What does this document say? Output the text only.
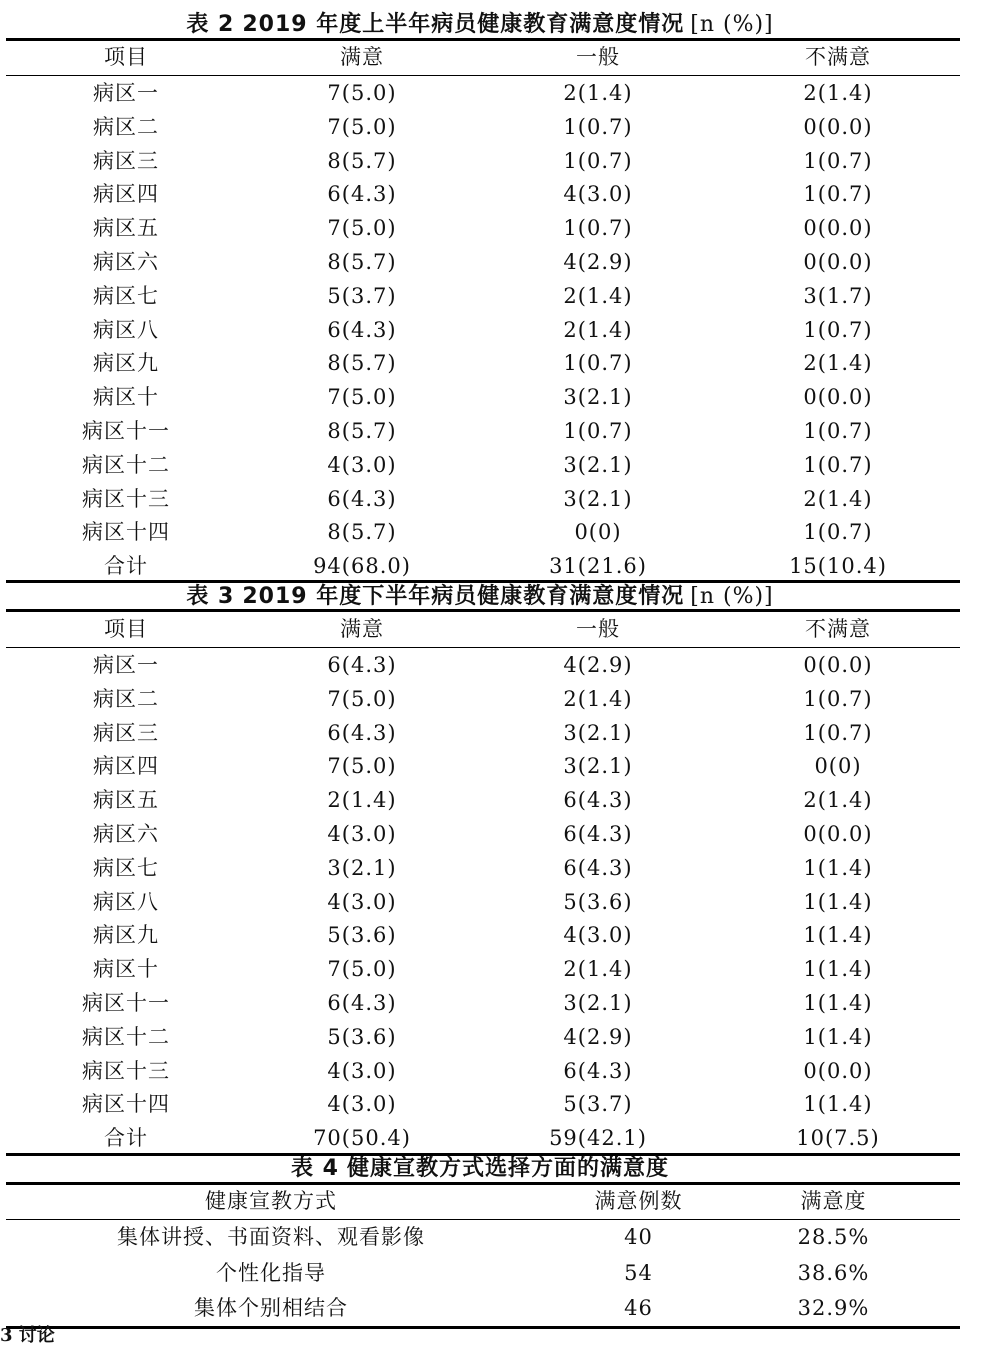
表 2 2019 年度上半年病员健康教育满意度情况 [n (%)]
项目	满意	一般	不满意
病区一	7(5.0)	2(1.4)	2(1.4)
病区二	7(5.0)	1(0.7)	0(0.0)
病区三	8(5.7)	1(0.7)	1(0.7)
病区四	6(4.3)	4(3.0)	1(0.7)
病区五	7(5.0)	1(0.7)	0(0.0)
病区六	8(5.7)	4(2.9)	0(0.0)
病区七	5(3.7)	2(1.4)	3(1.7)
病区八	6(4.3)	2(1.4)	1(0.7)
病区九	8(5.7)	1(0.7)	2(1.4)
病区十	7(5.0)	3(2.1)	0(0.0)
病区十一	8(5.7)	1(0.7)	1(0.7)
病区十二	4(3.0)	3(2.1)	1(0.7)
病区十三	6(4.3)	3(2.1)	2(1.4)
病区十四	8(5.7)	0(0)	1(0.7)
合计	94(68.0)	31(21.6)	15(10.4)
表 3 2019 年度下半年病员健康教育满意度情况 [n (%)]
项目	满意	一般	不满意
病区一	6(4.3)	4(2.9)	0(0.0)
病区二	7(5.0)	2(1.4)	1(0.7)
病区三	6(4.3)	3(2.1)	1(0.7)
病区四	7(5.0)	3(2.1)	0(0)
病区五	2(1.4)	6(4.3)	2(1.4)
病区六	4(3.0)	6(4.3)	0(0.0)
病区七	3(2.1)	6(4.3)	1(1.4)
病区八	4(3.0)	5(3.6)	1(1.4)
病区九	5(3.6)	4(3.0)	1(1.4)
病区十	7(5.0)	2(1.4)	1(1.4)
病区十一	6(4.3)	3(2.1)	1(1.4)
病区十二	5(3.6)	4(2.9)	1(1.4)
病区十三	4(3.0)	6(4.3)	0(0.0)
病区十四	4(3.0)	5(3.7)	1(1.4)
合计	70(50.4)	59(42.1)	10(7.5)
表 4 健康宣教方式选择方面的满意度
健康宣教方式	满意例数	满意度
集体讲授、书面资料、观看影像	40	28.5%
个性化指导	54	38.6%
集体个别相结合	46	32.9%
3 讨论
